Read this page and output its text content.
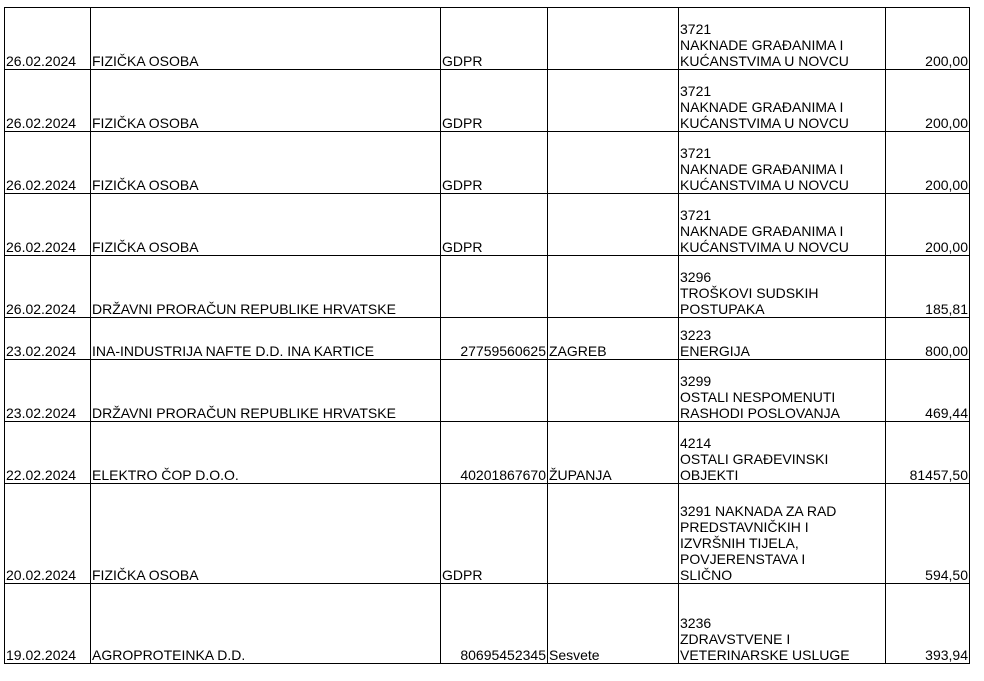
26.02.2024	FIZIČKA OSOBA	GDPR		3721
NAKNADE GRAĐANIMA I
KUĆANSTVIMA U NOVCU	200,00
26.02.2024	FIZIČKA OSOBA	GDPR		3721
NAKNADE GRAĐANIMA I
KUĆANSTVIMA U NOVCU	200,00
26.02.2024	FIZIČKA OSOBA	GDPR		3721
NAKNADE GRAĐANIMA I
KUĆANSTVIMA U NOVCU	200,00
26.02.2024	FIZIČKA OSOBA	GDPR		3721
NAKNADE GRAĐANIMA I
KUĆANSTVIMA U NOVCU	200,00
26.02.2024	DRŽAVNI PRORAČUN REPUBLIKE HRVATSKE			3296
TROŠKOVI SUDSKIH
POSTUPAKA	185,81
23.02.2024	INA-INDUSTRIJA NAFTE D.D. INA KARTICE	27759560625	ZAGREB	3223
ENERGIJA	800,00
23.02.2024	DRŽAVNI PRORAČUN REPUBLIKE HRVATSKE			3299
OSTALI NESPOMENUTI
RASHODI POSLOVANJA	469,44
22.02.2024	ELEKTRO ČOP D.O.O.	40201867670	ŽUPANJA	4214
OSTALI GRAĐEVINSKI
OBJEKTI	81457,50
20.02.2024	FIZIČKA OSOBA	GDPR		3291 NAKNADA ZA RAD
PREDSTAVNIČKIH I
IZVRŠNIH TIJELA,
POVJERENSTAVA I
SLIČNO	594,50
19.02.2024	AGROPROTEINKA D.D.	80695452345	Sesvete	3236
ZDRAVSTVENE I
VETERINARSKE USLUGE	393,94
